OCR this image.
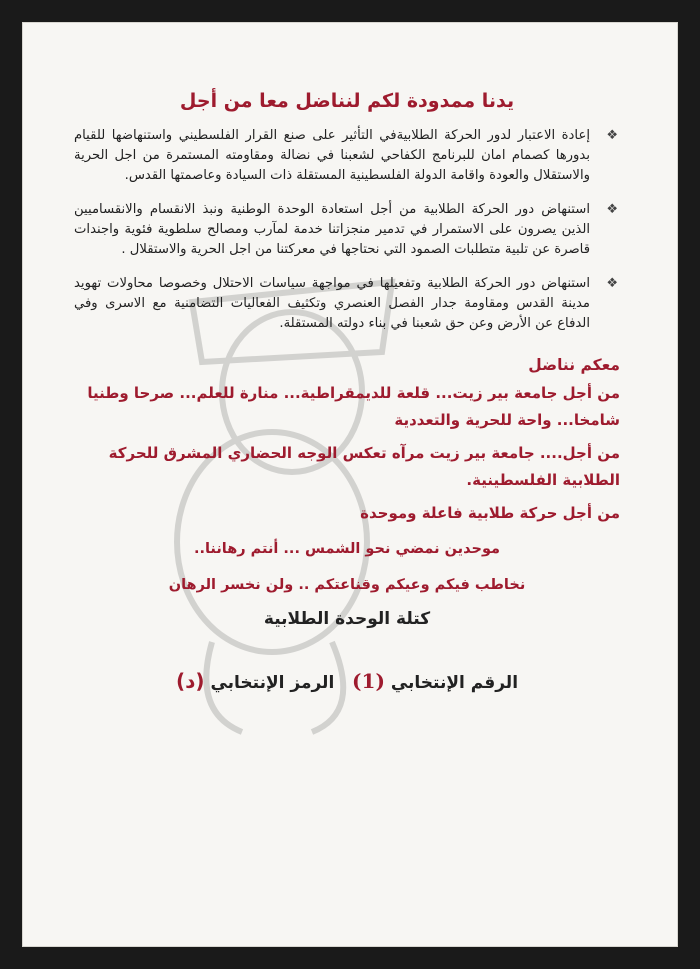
يدنا ممدودة لكم لنناضل معا من أجل
❖
إعادة الاعتبار لدور الحركة الطلابيةفي التأثير على صنع القرار الفلسطيني واستنهاضها للقيام بدورها كصمام امان للبرنامج الكفاحي لشعبنا في نضالة ومقاومته المستمرة من اجل الحرية والاستقلال والعودة واقامة الدولة الفلسطينية المستقلة ذات السيادة وعاصمتها القدس.
❖
استنهاض دور الحركة الطلابية من أجل استعادة الوحدة الوطنية ونبذ الانقسام والانقساميين الذين يصرون على الاستمرار في تدمير منجزاتنا خدمة لمآرب ومصالح سلطوية فئوية واجندات قاصرة عن تلبية متطلبات الصمود التي نحتاجها في معركتنا من اجل الحرية والاستقلال .
❖
استنهاض دور الحركة الطلابية وتفعيلها في مواجهة سياسات الاحتلال وخصوصا محاولات تهويد مدينة القدس ومقاومة جدار الفصل العنصري وتكثيف الفعاليات التضامنية مع الاسرى وفي الدفاع عن الأرض وعن حق شعبنا في بناء دولته المستقلة.
معكم نناضل
من أجل جامعة بير زيت... قلعة للديمقراطية... منارة للعلم... صرحا وطنيا شامخا... واحة للحرية والتعددية
من أجل.... جامعة بير زيت مرآه تعكس الوجه الحضاري المشرق للحركة الطلابية الفلسطينية.
من أجل حركة طلابية فاعلة وموحدة
موحدين نمضي نحو الشمس ... أنتم رهاننا..
نخاطب فيكم وعيكم وقناعتكم .. ولن نخسر الرهان
كتلة الوحدة الطلابية
الرقم الإنتخابي (1)   الرمز الإنتخابي (د)
